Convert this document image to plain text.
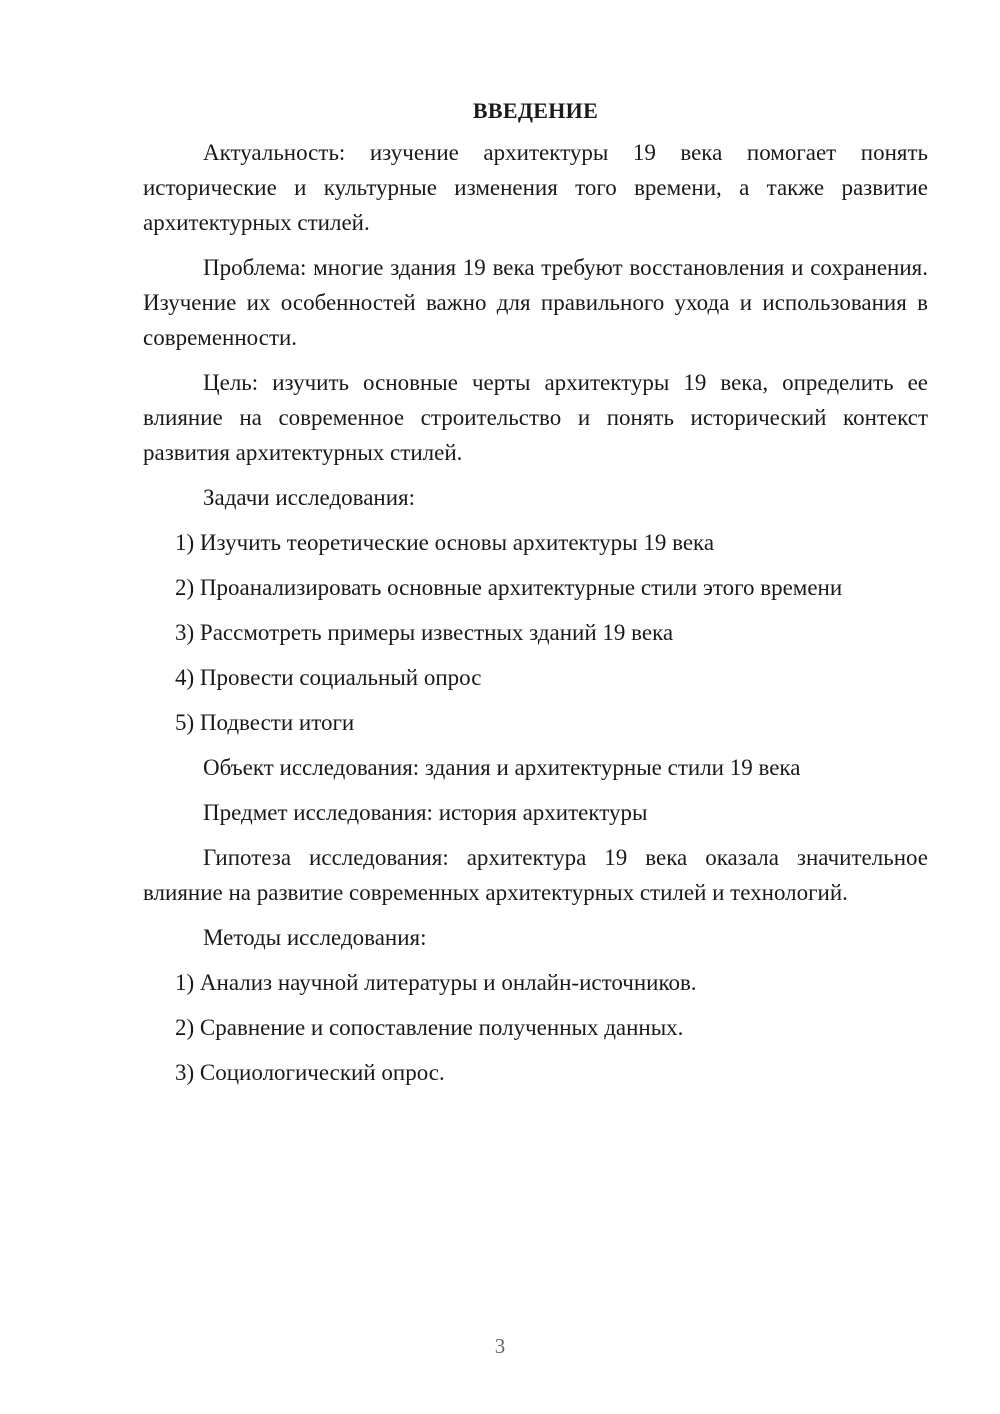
ВВЕДЕНИЕ

Актуальность: изучение архитектуры 19 века помогает понять исторические и культурные изменения того времени, а также развитие архитектурных стилей.

Проблема: многие здания 19 века требуют восстановления и сохранения. Изучение их особенностей важно для правильного ухода и использования в современности.

Цель: изучить основные черты архитектуры 19 века, определить ее влияние на современное строительство и понять исторический контекст развития архитектурных стилей.

Задачи исследования:
1) Изучить теоретические основы архитектуры 19 века
2) Проанализировать основные архитектурные стили этого времени
3) Рассмотреть примеры известных зданий 19 века
4) Провести социальный опрос
5) Подвести итоги
Объект исследования: здания и архитектурные стили 19 века
Предмет исследования: история архитектуры

Гипотеза исследования: архитектура 19 века оказала значительное влияние на развитие современных архитектурных стилей и технологий.

Методы исследования:
1) Анализ научной литературы и онлайн-источников.
2) Сравнение и сопоставление полученных данных.
3) Социологический опрос.
3
